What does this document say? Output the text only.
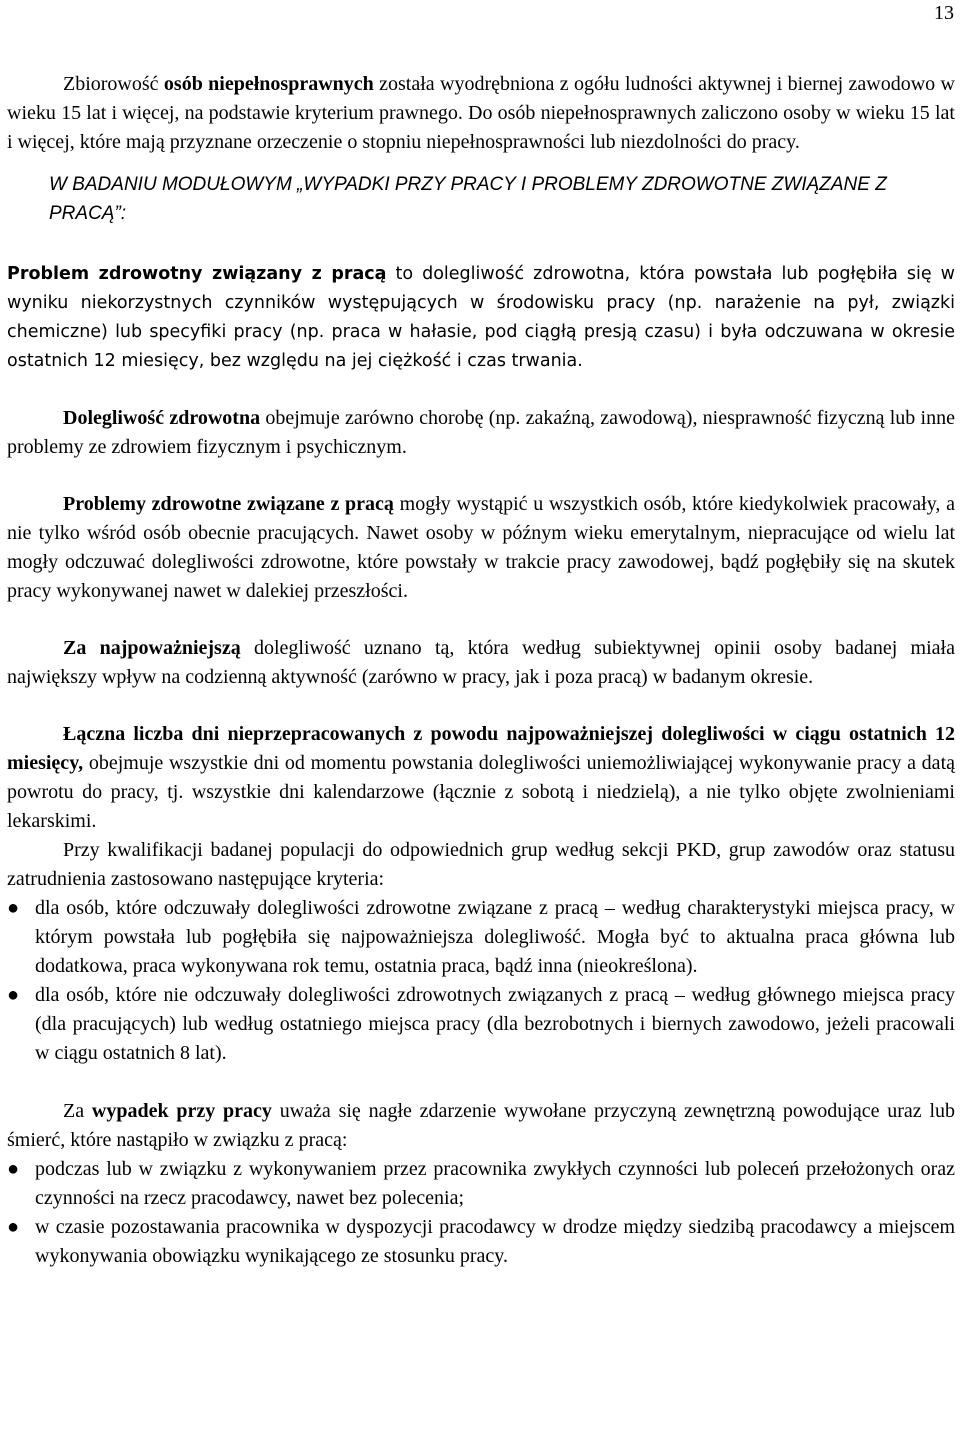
13

Zbiorowość osób niepełnosprawnych została wyodrębniona z ogółu ludności aktywnej i biernej zawodowo w wieku 15 lat i więcej, na podstawie kryterium prawnego. Do osób niepełnosprawnych zaliczono osoby w wieku 15 lat i więcej, które mają przyznane orzeczenie o stopniu niepełnosprawności lub niezdolności do pracy.

W BADANIU MODUŁOWYM „WYPADKI PRZY PRACY I PROBLEMY ZDROWOTNE ZWIĄZANE Z PRACĄ”:

Problem zdrowotny związany z pracą to dolegliwość zdrowotna, która powstała lub pogłębiła się w wyniku niekorzystnych czynników występujących w środowisku pracy (np. narażenie na pył, związki chemiczne) lub specyfiki pracy (np. praca w hałasie, pod ciągłą presją czasu) i była odczuwana w okresie ostatnich 12 miesięcy, bez względu na jej ciężkość i czas trwania.

Dolegliwość zdrowotna obejmuje zarówno chorobę (np. zakaźną, zawodową), niesprawność fizyczną lub inne problemy ze zdrowiem fizycznym i psychicznym.

Problemy zdrowotne związane z pracą mogły wystąpić u wszystkich osób, które kiedykolwiek pracowały, a nie tylko wśród osób obecnie pracujących. Nawet osoby w późnym wieku emerytalnym, niepracujące od wielu lat mogły odczuwać dolegliwości zdrowotne, które powstały w trakcie pracy zawodowej, bądź pogłębiły się na skutek pracy wykonywanej nawet w dalekiej przeszłości.

Za najpoważniejszą dolegliwość uznano tą, która według subiektywnej opinii osoby badanej miała największy wpływ na codzienną aktywność (zarówno w pracy, jak i poza pracą) w badanym okresie.

Łączna liczba dni nieprzepracowanych z powodu najpoważniejszej dolegliwości w ciągu ostatnich 12 miesięcy, obejmuje wszystkie dni od momentu powstania dolegliwości uniemożliwiającej wykonywanie pracy a datą powrotu do pracy, tj. wszystkie dni kalendarzowe (łącznie z sobotą i niedzielą), a nie tylko objęte zwolnieniami lekarskimi.

Przy kwalifikacji badanej populacji do odpowiednich grup według sekcji PKD, grup zawodów oraz statusu zatrudnienia zastosowano następujące kryteria:

● dla osób, które odczuwały dolegliwości zdrowotne związane z pracą – według charakterystyki miejsca pracy, w którym powstała lub pogłębiła się najpoważniejsza dolegliwość. Mogła być to aktualna praca główna lub dodatkowa, praca wykonywana rok temu, ostatnia praca, bądź inna (nieokreślona).
● dla osób, które nie odczuwały dolegliwości zdrowotnych związanych z pracą – według głównego miejsca pracy (dla pracujących) lub według ostatniego miejsca pracy (dla bezrobotnych i biernych zawodowo, jeżeli pracowali w ciągu ostatnich 8 lat).

Za wypadek przy pracy uważa się nagłe zdarzenie wywołane przyczyną zewnętrzną powodujące uraz lub śmierć, które nastąpiło w związku z pracą:

● podczas lub w związku z wykonywaniem przez pracownika zwykłych czynności lub poleceń przełożonych oraz czynności na rzecz pracodawcy, nawet bez polecenia;
● w czasie pozostawania pracownika w dyspozycji pracodawcy w drodze między siedzibą pracodawcy a miejscem wykonywania obowiązku wynikającego ze stosunku pracy.
